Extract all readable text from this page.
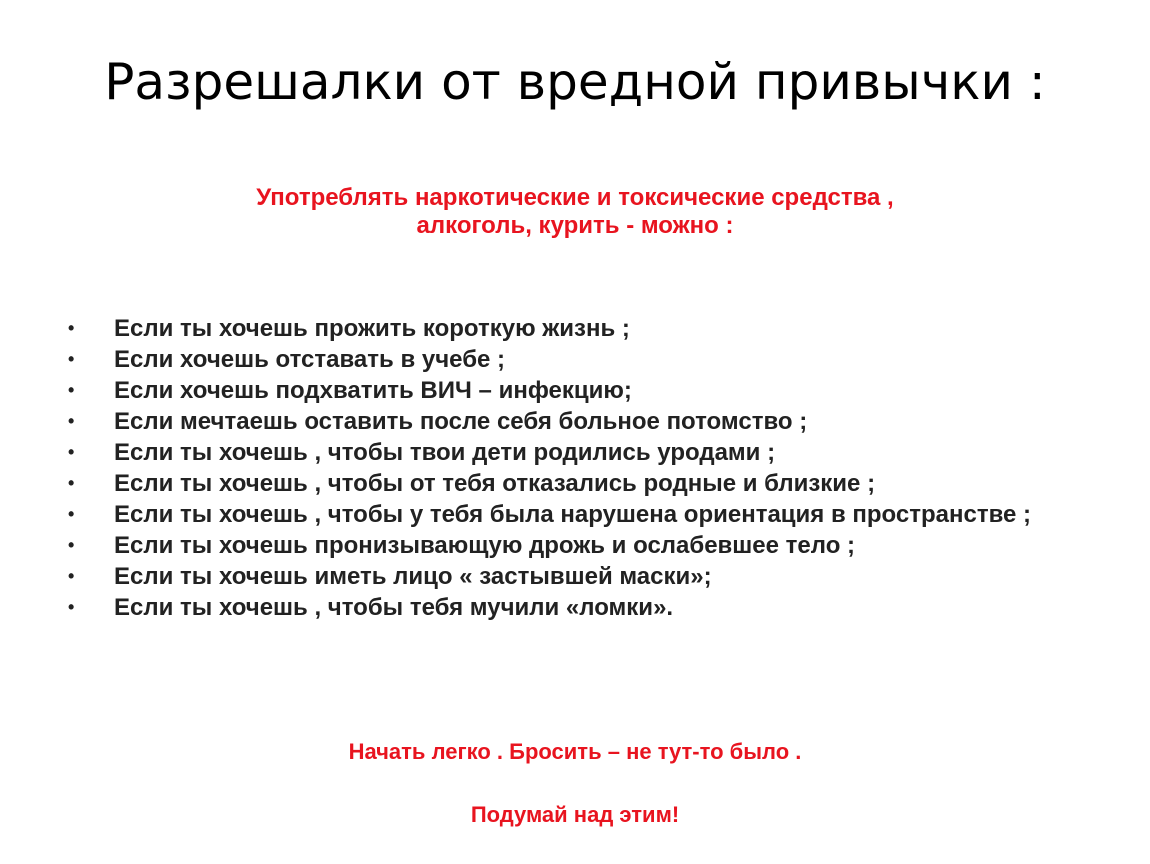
Разрешалки от вредной привычки :
Употреблять наркотические и токсические средства ,
алкоголь, курить - можно :
• Если ты хочешь прожить короткую жизнь ;
• Если хочешь отставать в учебе ;
• Если хочешь подхватить ВИЧ – инфекцию;
• Если мечтаешь оставить после себя больное потомство ;
• Если ты хочешь , чтобы твои дети родились уродами ;
• Если ты хочешь , чтобы от тебя отказались родные и близкие ;
• Если ты хочешь , чтобы у тебя была нарушена ориентация в пространстве ;
• Если ты хочешь пронизывающую дрожь и ослабевшее тело ;
• Если ты хочешь иметь лицо « застывшей маски»;
• Если ты хочешь , чтобы тебя мучили «ломки».
Начать легко . Бросить – не тут-то было .
Подумай над этим!
